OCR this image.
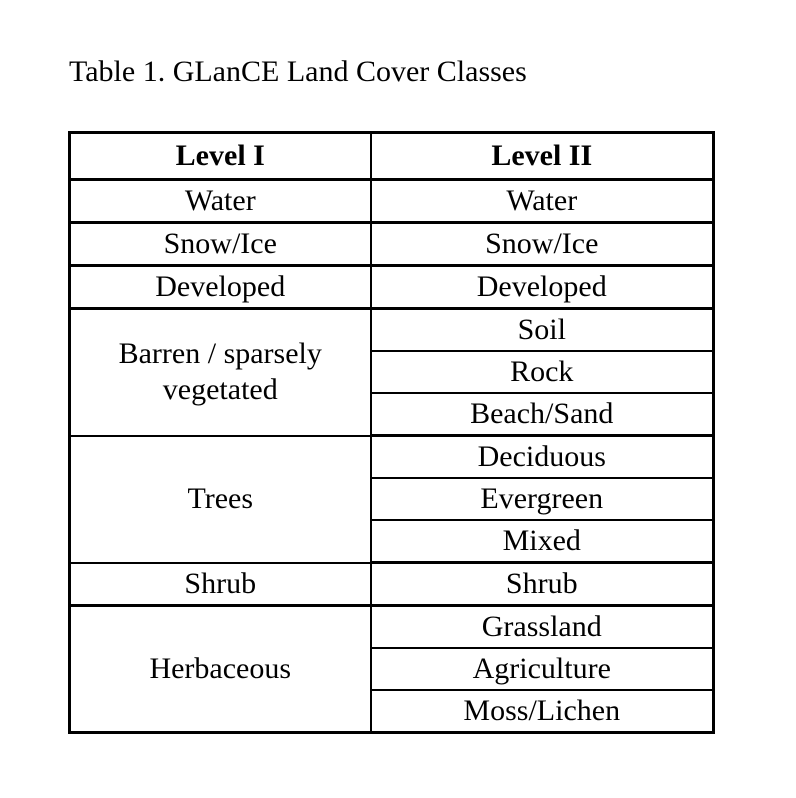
Table 1. GLanCE Land Cover Classes
Level I	Level II
Water	Water
Snow/Ice	Snow/Ice
Developed	Developed
Barren / sparsely vegetated	Soil
	Rock
	Beach/Sand
Trees	Deciduous
	Evergreen
	Mixed
Shrub	Shrub
Herbaceous	Grassland
	Agriculture
	Moss/Lichen
